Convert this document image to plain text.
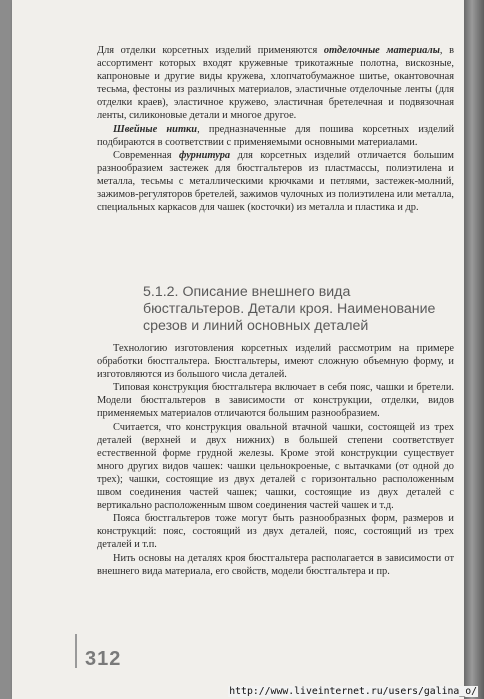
Для отделки корсетных изделий применяются отделочные материалы, в ассортимент которых входят кружевные трикотажные полотна, вискозные, капроновые и другие виды кружева, хлопчатобумажное шитье, окантовочная тесьма, фестоны из различных материалов, эластичные отделочные ленты (для отделки краев), эластичное кружево, эластичная бретелечная и подвязочная ленты, силиконовые детали и многое другое.

Швейные нитки, предназначенные для пошива корсетных изделий подбираются в соответствии с применяемыми основными материалами.

Современная фурнитура для корсетных изделий отличается большим разнообразием застежек для бюстгальтеров из пластмассы, полиэтилена и металла, тесьмы с металлическими крючками и петлями, застежек-молний, зажимов-регуляторов бретелей, зажимов чулочных из полиэтилена или металла, специальных каркасов для чашек (косточки) из металла и пластика и др.

5.1.2. Описание внешнего вида бюстгальтеров. Детали кроя. Наименование срезов и линий основных деталей

Технологию изготовления корсетных изделий рассмотрим на примере обработки бюстгальтера. Бюстгальтеры, имеют сложную объемную форму, и изготовляются из большого числа деталей.

Типовая конструкция бюстгальтера включает в себя пояс, чашки и бретели. Модели бюстгальтеров в зависимости от конструкции, отделки, видов применяемых материалов отличаются большим разнообразием.

Считается, что конструкция овальной втачной чашки, состоящей из трех деталей (верхней и двух нижних) в большей степени соответствует естественной форме грудной железы. Кроме этой конструкции существует много других видов чашек: чашки цельнокроеные, с вытачками (от одной до трех); чашки, состоящие из двух деталей с горизонтально расположенным швом соединения частей чашек; чашки, состоящие из двух деталей с вертикально расположенным швом соединения частей чашек и т.д.

Пояса бюстгальтеров тоже могут быть разнообразных форм, размеров и конструкций: пояс, состоящий из двух деталей, пояс, состоящий из трех деталей и т.п.

Нить основы на деталях кроя бюстгальтера располагается в зависимости от внешнего вида материала, его свойств, модели бюстгальтера и пр.

312
http://www.liveinternet.ru/users/galina_o/
